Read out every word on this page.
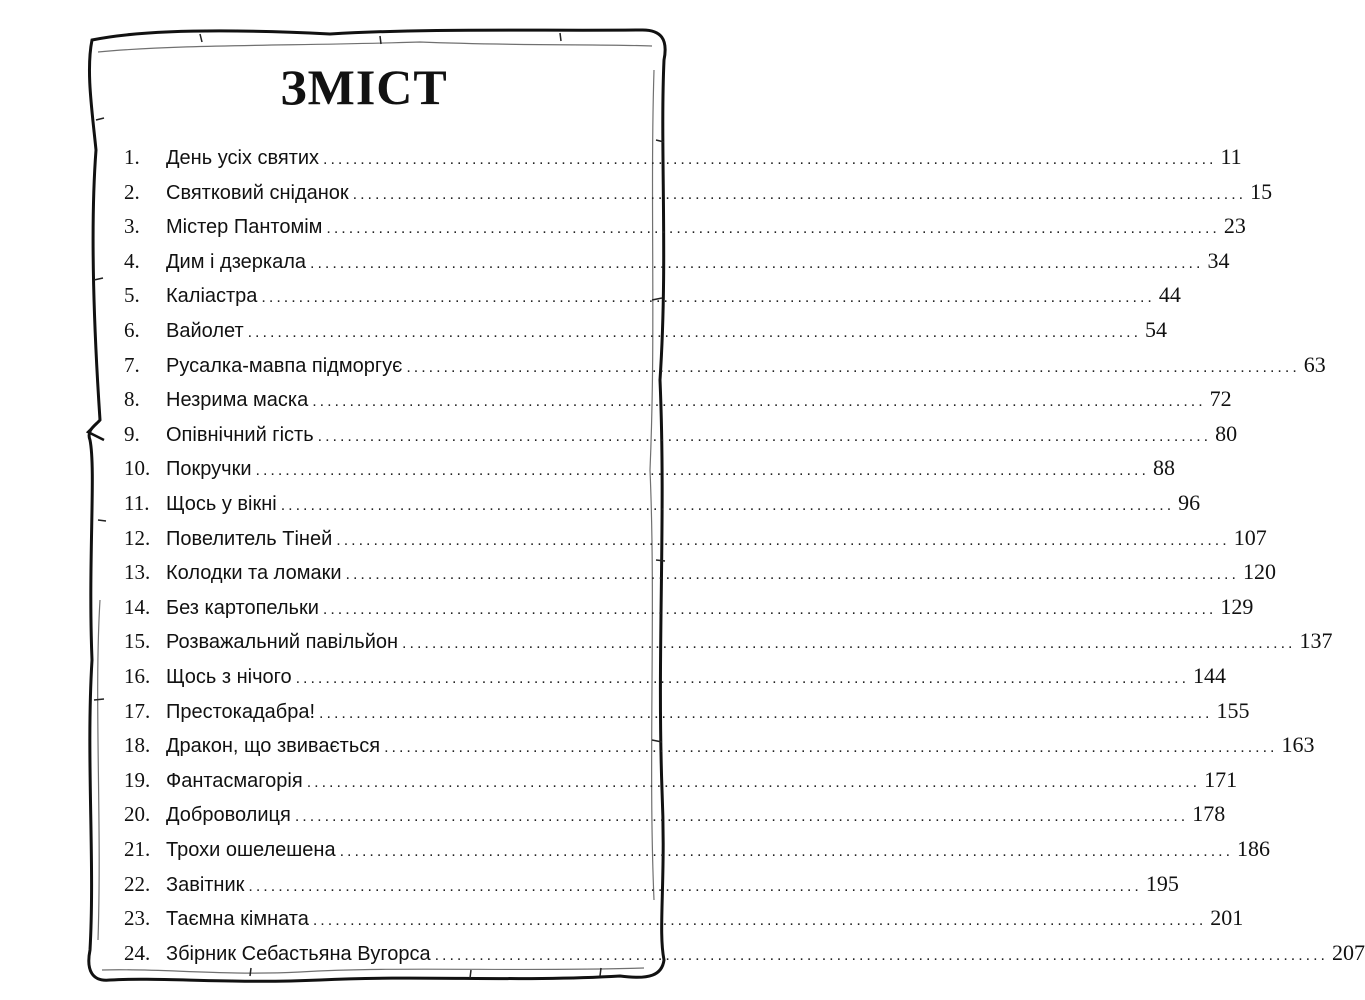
ЗМІСТ
1.	День усіх святих ........................................................................................................................ 11
2.	Святковий сніданок ........................................................................................................................ 15
3.	Містер Пантомім ........................................................................................................................ 23
4.	Дим і дзеркала ........................................................................................................................ 34
5.	Каліастра ........................................................................................................................ 44
6.	Вайолет ........................................................................................................................ 54
7.	Русалка-мавпа підморгує ........................................................................................................................ 63
8.	Незрима маска ........................................................................................................................ 72
9.	Опівнічний гість ........................................................................................................................ 80
10. Покручки ........................................................................................................................ 88
11. Щось у вікні ........................................................................................................................ 96
12. Повелитель Тіней ........................................................................................................................ 107
13. Колодки та ломаки ........................................................................................................................ 120
14. Без картопельки ........................................................................................................................ 129
15. Розважальний павільйон ........................................................................................................................ 137
16. Щось з нічого ........................................................................................................................ 144
17. Престокадабра! ........................................................................................................................ 155
18. Дракон, що звивається ........................................................................................................................ 163
19. Фантасмагорія ........................................................................................................................ 171
20. Доброволиця ........................................................................................................................ 178
21. Трохи ошелешена ........................................................................................................................ 186
22. Завітник ........................................................................................................................ 195
23. Таємна кімната ........................................................................................................................ 201
24. Збірник Себастьяна Вугорса ........................................................................................................................ 207
